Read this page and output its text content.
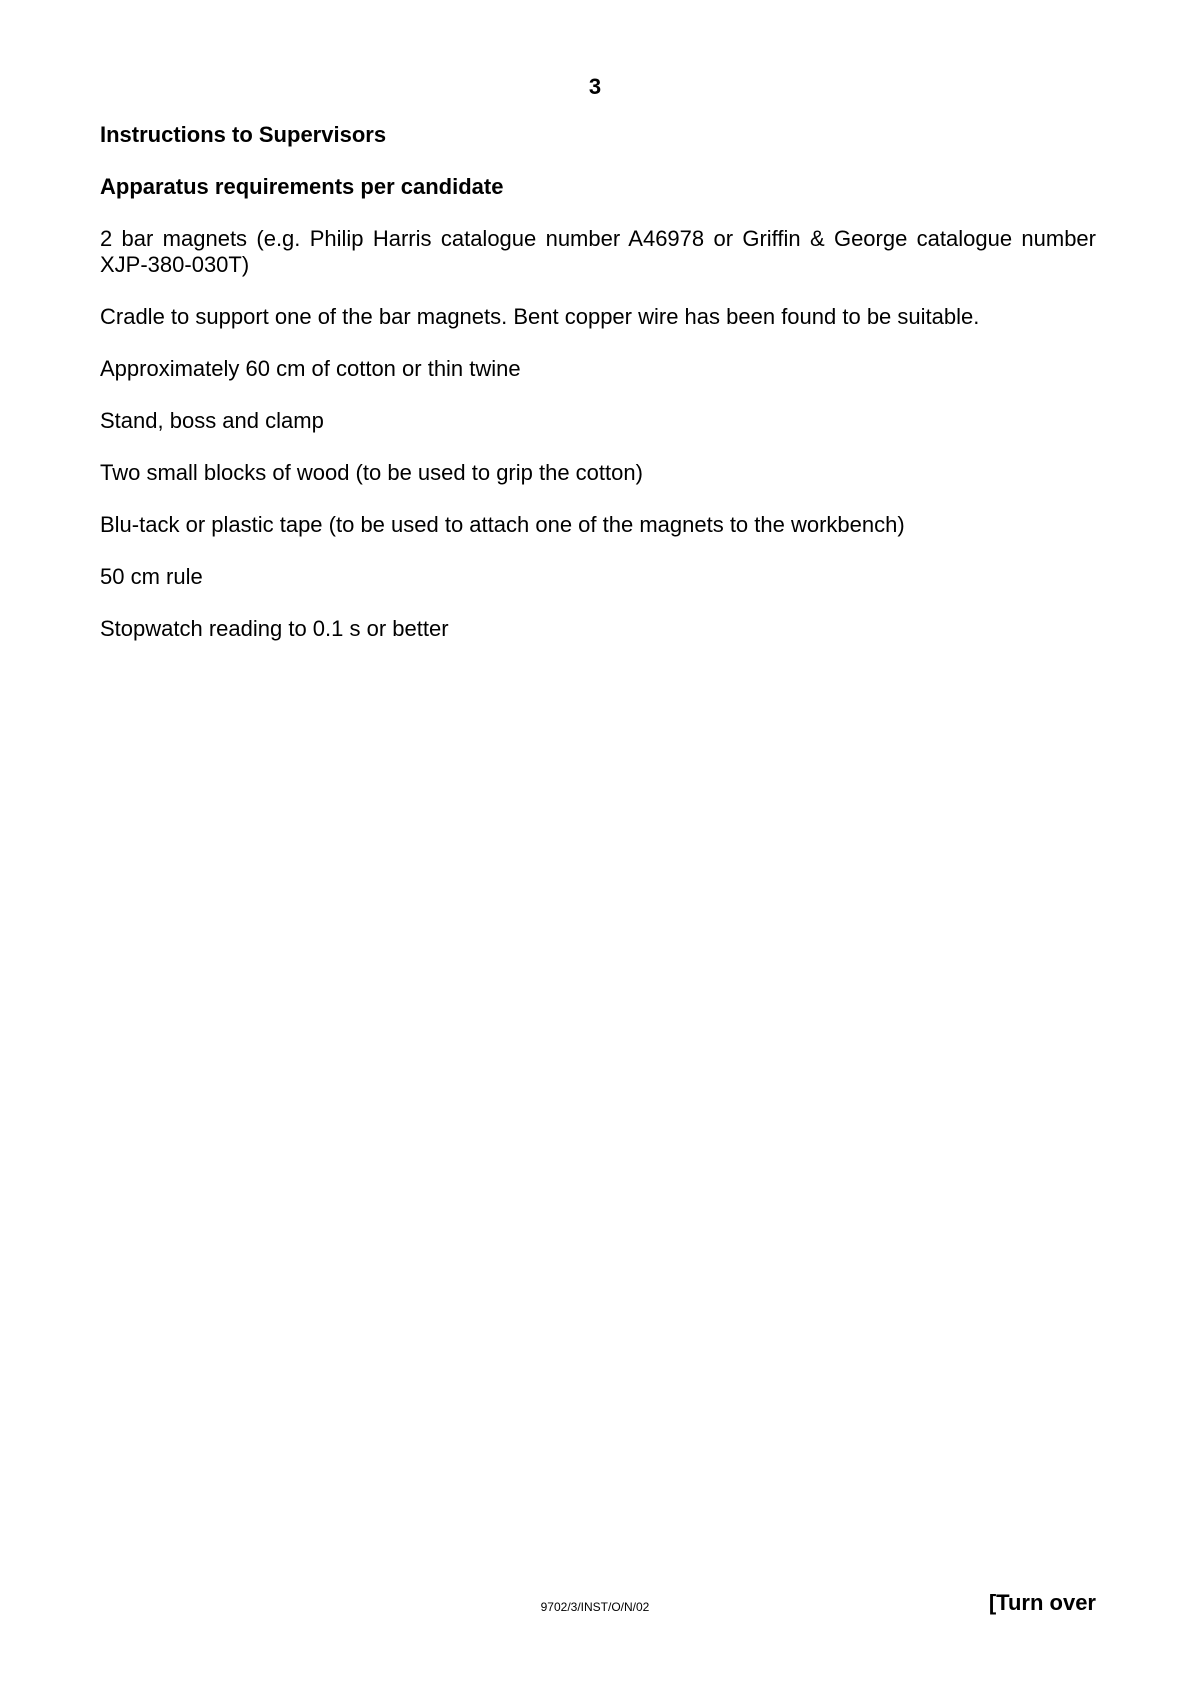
3

Instructions to Supervisors

Apparatus requirements per candidate

2 bar magnets (e.g. Philip Harris catalogue number A46978 or Griffin & George catalogue number XJP-380-030T)

Cradle to support one of the bar magnets. Bent copper wire has been found to be suitable.

Approximately 60 cm of cotton or thin twine

Stand, boss and clamp

Two small blocks of wood (to be used to grip the cotton)

Blu-tack or plastic tape (to be used to attach one of the magnets to the workbench)

50 cm rule

Stopwatch reading to 0.1 s or better

9702/3/INST/O/N/02	[Turn over
